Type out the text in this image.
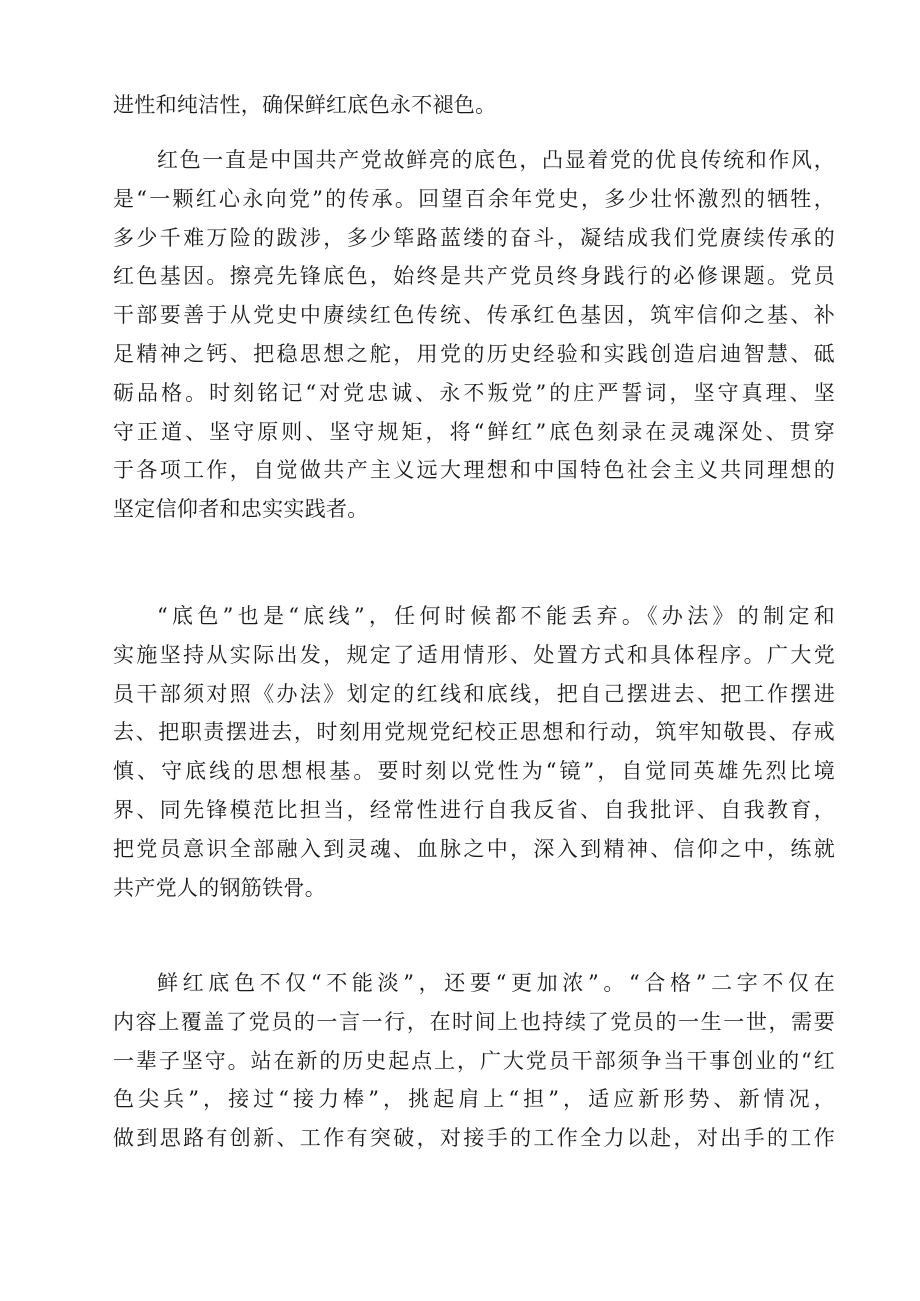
进性和纯洁性，确保鲜红底色永不褪色。
红色一直是中国共产党故鲜亮的底色，凸显着党的优良传统和作风，
是“一颗红心永向党”的传承。回望百余年党史，多少壮怀激烈的牺牲，
多少千难万险的跋涉，多少筚路蓝缕的奋斗，凝结成我们党赓续传承的
红色基因。擦亮先锋底色，始终是共产党员终身践行的必修课题。党员
干部要善于从党史中赓续红色传统、传承红色基因，筑牢信仰之基、补
足精神之钙、把稳思想之舵，用党的历史经验和实践创造启迪智慧、砥
砺品格。时刻铭记“对党忠诚、永不叛党”的庄严誓词，坚守真理、坚
守正道、坚守原则、坚守规矩，将“鲜红”底色刻录在灵魂深处、贯穿
于各项工作，自觉做共产主义远大理想和中国特色社会主义共同理想的
坚定信仰者和忠实实践者。
“底色”也是“底线”，任何时候都不能丢弃。《办法》的制定和
实施坚持从实际出发，规定了适用情形、处置方式和具体程序。广大党
员干部须对照《办法》划定的红线和底线，把自己摆进去、把工作摆进
去、把职责摆进去，时刻用党规党纪校正思想和行动，筑牢知敬畏、存戒
慎、守底线的思想根基。要时刻以党性为“镜”，自觉同英雄先烈比境
界、同先锋模范比担当，经常性进行自我反省、自我批评、自我教育，
把党员意识全部融入到灵魂、血脉之中，深入到精神、信仰之中，练就
共产党人的钢筋铁骨。
鲜红底色不仅“不能淡”，还要“更加浓”。“合格”二字不仅在
内容上覆盖了党员的一言一行，在时间上也持续了党员的一生一世，需要
一辈子坚守。站在新的历史起点上，广大党员干部须争当干事创业的“红
色尖兵”，接过“接力棒”，挑起肩上“担”，适应新形势、新情况，
做到思路有创新、工作有突破，对接手的工作全力以赴，对出手的工作
